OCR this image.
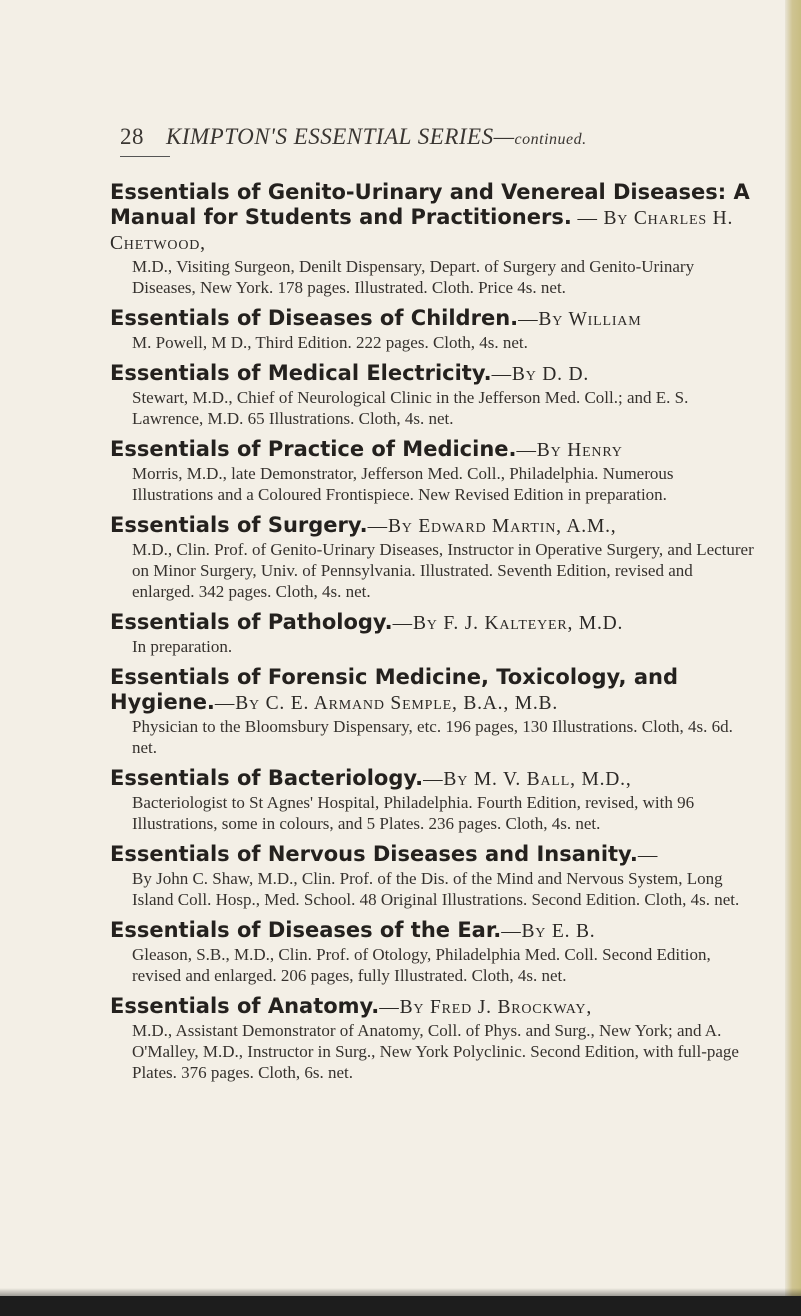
28 KIMPTON'S ESSENTIAL SERIES—continued.
Essentials of Genito-Urinary and Venereal Diseases: A Manual for Students and Practitioners. — By Charles H. Chetwood,
M.D., Visiting Surgeon, Denilt Dispensary, Depart. of Surgery and Genito-Urinary Diseases, New York. 178 pages. Illustrated. Cloth. Price 4s. net.
Essentials of Diseases of Children.—By William
M. Powell, M D., Third Edition. 222 pages. Cloth, 4s. net.
Essentials of Medical Electricity.—By D. D.
Stewart, M.D., Chief of Neurological Clinic in the Jefferson Med. Coll.; and E. S. Lawrence, M.D. 65 Illustrations. Cloth, 4s. net.
Essentials of Practice of Medicine.—By Henry
Morris, M.D., late Demonstrator, Jefferson Med. Coll., Philadelphia. Numerous Illustrations and a Coloured Frontispiece. New Revised Edition in preparation.
Essentials of Surgery.—By Edward Martin, A.M.,
M.D., Clin. Prof. of Genito-Urinary Diseases, Instructor in Operative Surgery, and Lecturer on Minor Surgery, Univ. of Pennsylvania. Illustrated. Seventh Edition, revised and enlarged. 342 pages. Cloth, 4s. net.
Essentials of Pathology.—By F. J. Kalteyer, M.D.
In preparation.
Essentials of Forensic Medicine, Toxicology, and Hygiene.—By C. E. Armand Semple, B.A., M.B.
Physician to the Bloomsbury Dispensary, etc. 196 pages, 130 Illustrations. Cloth, 4s. 6d. net.
Essentials of Bacteriology.—By M. V. Ball, M.D.,
Bacteriologist to St Agnes' Hospital, Philadelphia. Fourth Edition, revised, with 96 Illustrations, some in colours, and 5 Plates. 236 pages. Cloth, 4s. net.
Essentials of Nervous Diseases and Insanity.—
By John C. Shaw, M.D., Clin. Prof. of the Dis. of the Mind and Nervous System, Long Island Coll. Hosp., Med. School. 48 Original Illustrations. Second Edition. Cloth, 4s. net.
Essentials of Diseases of the Ear.—By E. B.
Gleason, S.B., M.D., Clin. Prof. of Otology, Philadelphia Med. Coll. Second Edition, revised and enlarged. 206 pages, fully Illustrated. Cloth, 4s. net.
Essentials of Anatomy.—By Fred J. Brockway,
M.D., Assistant Demonstrator of Anatomy, Coll. of Phys. and Surg., New York; and A. O'Malley, M.D., Instructor in Surg., New York Polyclinic. Second Edition, with full-page Plates. 376 pages. Cloth, 6s. net.
